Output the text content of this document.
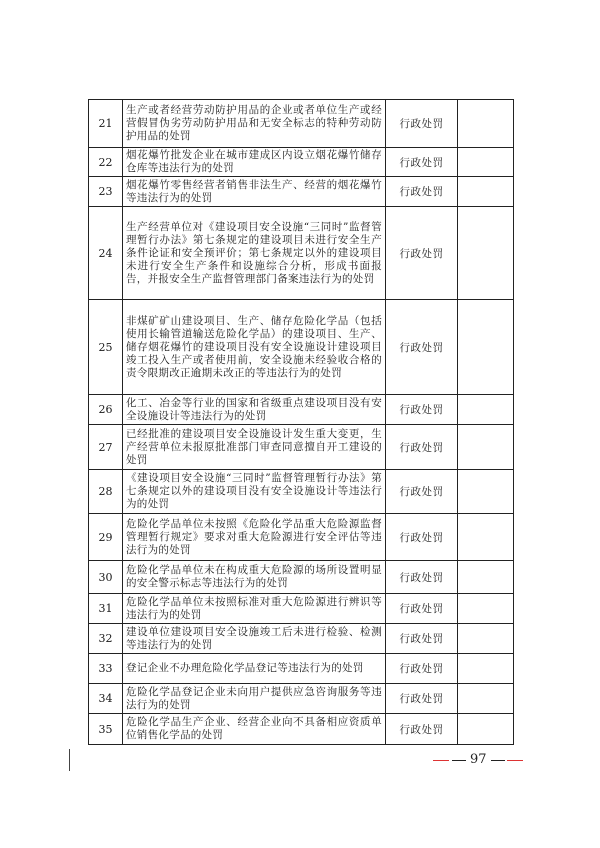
21	生产或者经营劳动防护用品的企业或者单位生产或经营假冒伪劣劳动防护用品和无安全标志的特种劳动防护用品的处罚	行政处罚	
22	烟花爆竹批发企业在城市建成区内设立烟花爆竹储存仓库等违法行为的处罚	行政处罚	
23	烟花爆竹零售经营者销售非法生产、经营的烟花爆竹等违法行为的处罚	行政处罚	
24	生产经营单位对《建设项目安全设施“三同时”监督管理暂行办法》第七条规定的建设项目未进行安全生产条件论证和安全预评价；第七条规定以外的建设项目未进行安全生产条件和设施综合分析，形成书面报告，并报安全生产监督管理部门备案违法行为的处罚	行政处罚	
25	非煤矿矿山建设项目、生产、储存危险化学品（包括使用长输管道输送危险化学品）的建设项目、生产、储存烟花爆竹的建设项目没有安全设施设计建设项目竣工投入生产或者使用前，安全设施未经验收合格的责令限期改正逾期未改正的等违法行为的处罚	行政处罚	
26	化工、冶金等行业的国家和省级重点建设项目没有安全设施设计等违法行为的处罚	行政处罚	
27	已经批准的建设项目安全设施设计发生重大变更，生产经营单位未报原批准部门审查同意擅自开工建设的处罚	行政处罚	
28	《建设项目安全设施“三同时”监督管理暂行办法》第七条规定以外的建设项目没有安全设施设计等违法行为的处罚	行政处罚	
29	危险化学品单位未按照《危险化学品重大危险源监督管理暂行规定》要求对重大危险源进行安全评估等违法行为的处罚	行政处罚	
30	危险化学品单位未在构成重大危险源的场所设置明显的安全警示标志等违法行为的处罚	行政处罚	
31	危险化学品单位未按照标准对重大危险源进行辨识等违法行为的处罚	行政处罚	
32	建设单位建设项目安全设施竣工后未进行检验、检测等违法行为的处罚	行政处罚	
33	登记企业不办理危险化学品登记等违法行为的处罚	行政处罚	
34	危险化学品登记企业未向用户提供应急咨询服务等违法行为的处罚	行政处罚	
35	危险化学品生产企业、经营企业向不具备相应资质单位销售化学品的处罚	行政处罚	
97
